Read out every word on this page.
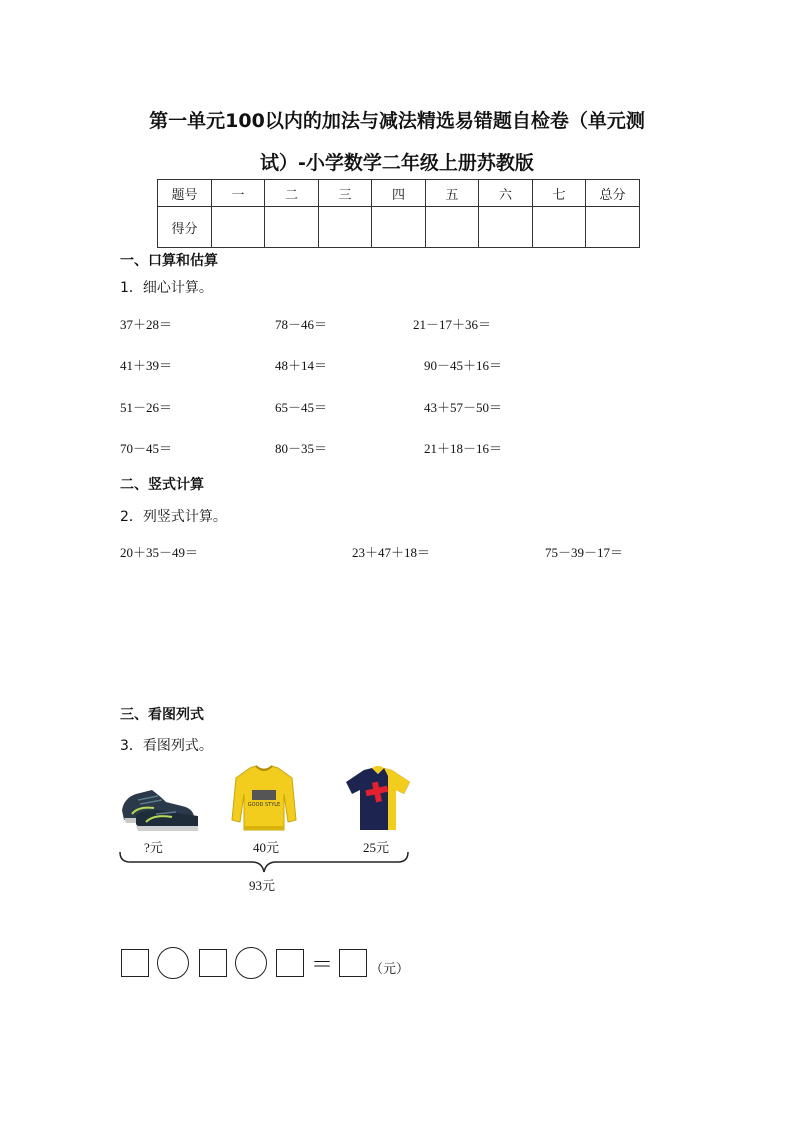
第一单元100以内的加法与减法精选易错题自检卷（单元测
试）-小学数学二年级上册苏教版
题号	一	二	三	四	五	六	七	总分
得分								
一、口算和估算
1．细心计算。
37＋28＝	78－46＝	21－17＋36＝
41＋39＝	48＋14＝	90－45＋16＝
51－26＝	65－45＝	43＋57－50＝
70－45＝	80－35＝	21＋18－16＝
二、竖式计算
2．列竖式计算。
20＋35－49＝	23＋47＋18＝	75－39－17＝
三、看图列式
3．看图列式。
GOOD STYLE
?元	40元	25元
93元
＝	（元）
